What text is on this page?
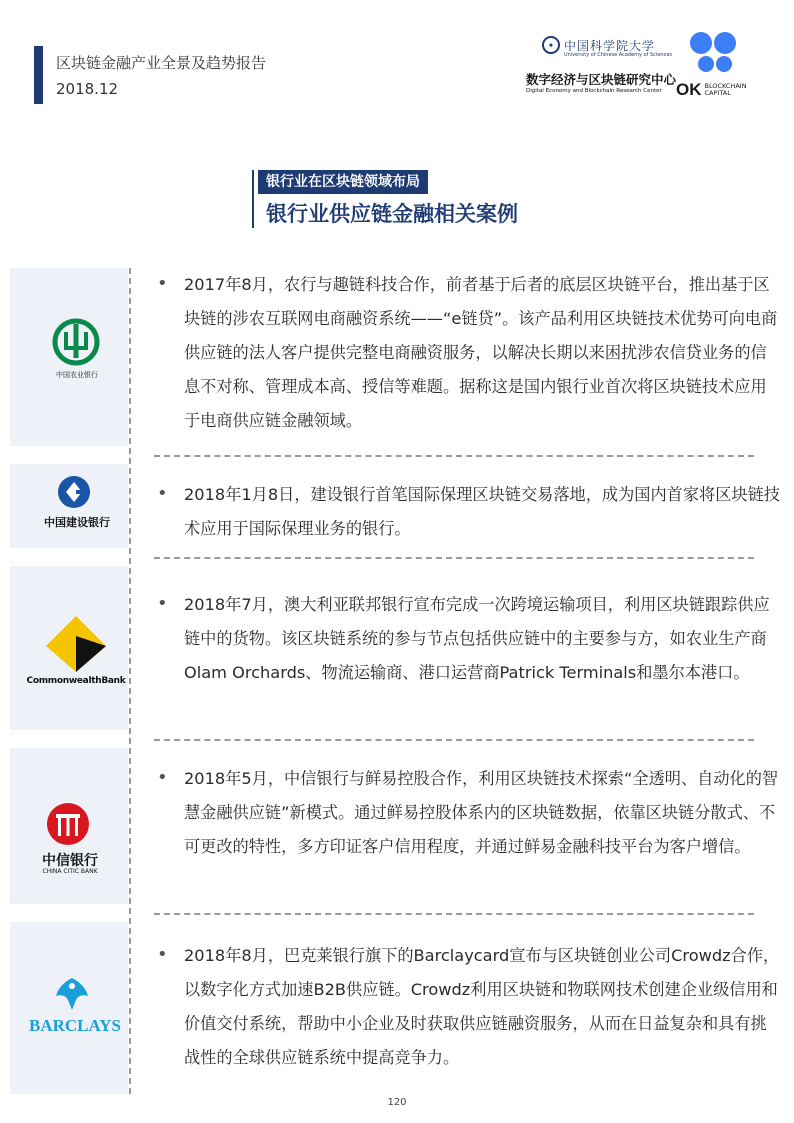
区块链金融产业全景及趋势报告
2018.12
✦ 中国科学院大学
University of Chinese Academy of Sciences
数字经济与区块链研究中心
Digital Economy and Blockchain Research Center OK BLOCKCHAIN
CAPITAL
银行业在区块链领域布局
银行业供应链金融相关案例
中国农业银行
中国建设银行
CommonwealthBank
中信银行
CHINA CITIC BANK
BARCLAYS
•
•
•
•
•
2017年8月，农行与趣链科技合作，前者基于后者的底层区块链平台，推出基于区块链的涉农互联网电商融资系统——“e链贷”。该产品利用区块链技术优势可向电商供应链的法人客户提供完整电商融资服务，以解决长期以来困扰涉农信贷业务的信息不对称、管理成本高、授信等难题。据称这是国内银行业首次将区块链技术应用于电商供应链金融领域。
2018年1月8日，建设银行首笔国际保理区块链交易落地，成为国内首家将区块链技术应用于国际保理业务的银行。
2018年7月，澳大利亚联邦银行宣布完成一次跨境运输项目，利用区块链跟踪供应链中的货物。该区块链系统的参与节点包括供应链中的主要参与方，如农业生产商Olam Orchards、物流运输商、港口运营商Patrick Terminals和墨尔本港口。
2018年5月，中信银行与鲜易控股合作，利用区块链技术探索“全透明、自动化的智慧金融供应链”新模式。通过鲜易控股体系内的区块链数据，依靠区块链分散式、不可更改的特性，多方印证客户信用程度，并通过鲜易金融科技平台为客户增信。
2018年8月，巴克莱银行旗下的Barclaycard宣布与区块链创业公司Crowdz合作，以数字化方式加速B2B供应链。Crowdz利用区块链和物联网技术创建企业级信用和价值交付系统，帮助中小企业及时获取供应链融资服务，从而在日益复杂和具有挑战性的全球供应链系统中提高竞争力。
120
